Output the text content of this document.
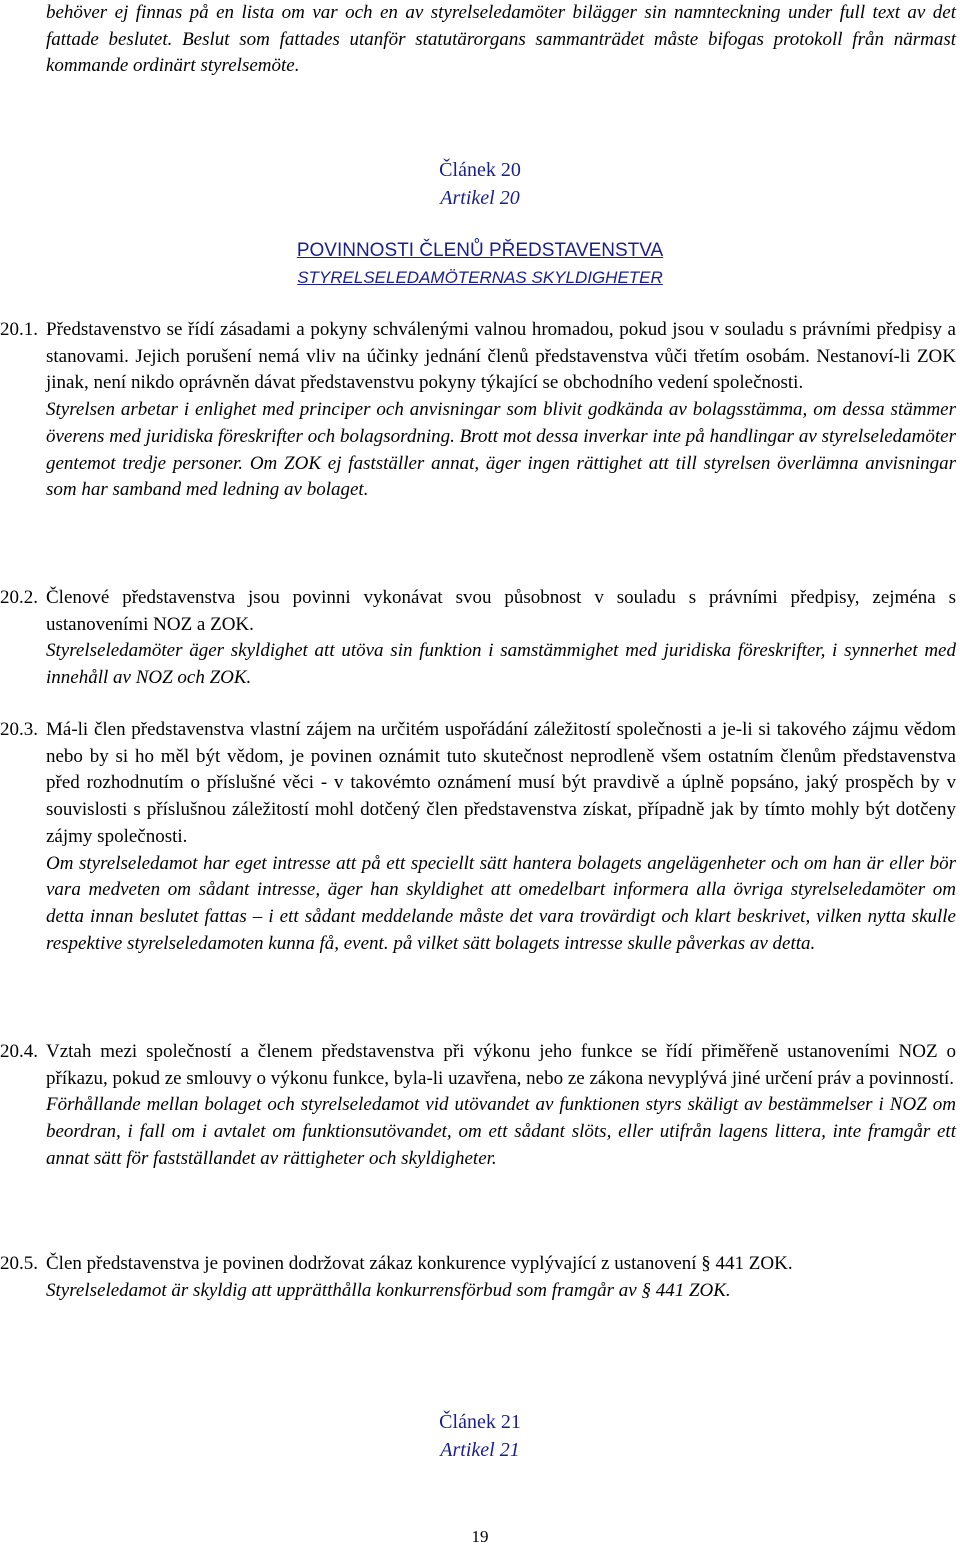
behöver ej finnas på en lista om var och en av styrelseledamöter bilägger sin namnteckning under full text av det fattade beslutet. Beslut som fattades utanför statutärorgans sammanträdet måste bifogas protokoll från närmast kommande ordinärt styrelsemöte.

Článek 20
Artikel 20
POVINNOSTI ČLENŮ PŘEDSTAVENSTVA
STYRELSELEDAMÖTERNAS SKYLDIGHETER
20.1. Představenstvo se řídí zásadami a pokyny schválenými valnou hromadou, pokud jsou v souladu s právními předpisy a stanovami. Jejich porušení nemá vliv na účinky jednání členů představenstva vůči třetím osobám. Nestanoví-li ZOK jinak, není nikdo oprávněn dávat představenstvu pokyny týkající se obchodního vedení společnosti.

Styrelsen arbetar i enlighet med principer och anvisningar som blivit godkända av bolagsstämma, om dessa stämmer överens med juridiska föreskrifter och bolagsordning. Brott mot dessa inverkar inte på handlingar av styrelseledamöter gentemot tredje personer. Om ZOK ej fastställer annat, äger ingen rättighet att till styrelsen överlämna anvisningar som har samband med ledning av bolaget.

20.2. Členové představenstva jsou povinni vykonávat svou působnost v souladu s právními předpisy, zejména s ustanoveními NOZ a ZOK.

Styrelseledamöter äger skyldighet att utöva sin funktion i samstämmighet med juridiska föreskrifter, i synnerhet med innehåll av NOZ och ZOK.

20.3. Má-li člen představenstva vlastní zájem na určitém uspořádání záležitostí společnosti a je-li si takového zájmu vědom nebo by si ho měl být vědom, je povinen oznámit tuto skutečnost neprodleně všem ostatním členům představenstva před rozhodnutím o příslušné věci - v takovémto oznámení musí být pravdivě a úplně popsáno, jaký prospěch by v souvislosti s příslušnou záležitostí mohl dotčený člen představenstva získat, případně jak by tímto mohly být dotčeny zájmy společnosti.

Om styrelseledamot har eget intresse att på ett speciellt sätt hantera bolagets angelägenheter och om han är eller bör vara medveten om sådant intresse, äger han skyldighet att omedelbart informera alla övriga styrelseledamöter om detta innan beslutet fattas – i ett sådant meddelande måste det vara trovärdigt och klart beskrivet, vilken nytta skulle respektive styrelseledamoten kunna få, event. på vilket sätt bolagets intresse skulle påverkas av detta.

20.4. Vztah mezi společností a členem představenstva při výkonu jeho funkce se řídí přiměřeně ustanoveními NOZ o příkazu, pokud ze smlouvy o výkonu funkce, byla-li uzavřena, nebo ze zákona nevyplývá jiné určení práv a povinností.

Förhållande mellan bolaget och styrelseledamot vid utövandet av funktionen styrs skäligt av bestämmelser i NOZ om beordran, i fall om i avtalet om funktionsutövandet, om ett sådant slöts, eller utifrån lagens littera, inte framgår ett annat sätt för fastställandet av rättigheter och skyldigheter.

20.5. Člen představenstva je povinen dodržovat zákaz konkurence vyplývající z ustanovení § 441 ZOK.

Styrelseledamot är skyldig att upprätthålla konkurrensförbud som framgår av § 441 ZOK.

Článek 21
Artikel 21
19
